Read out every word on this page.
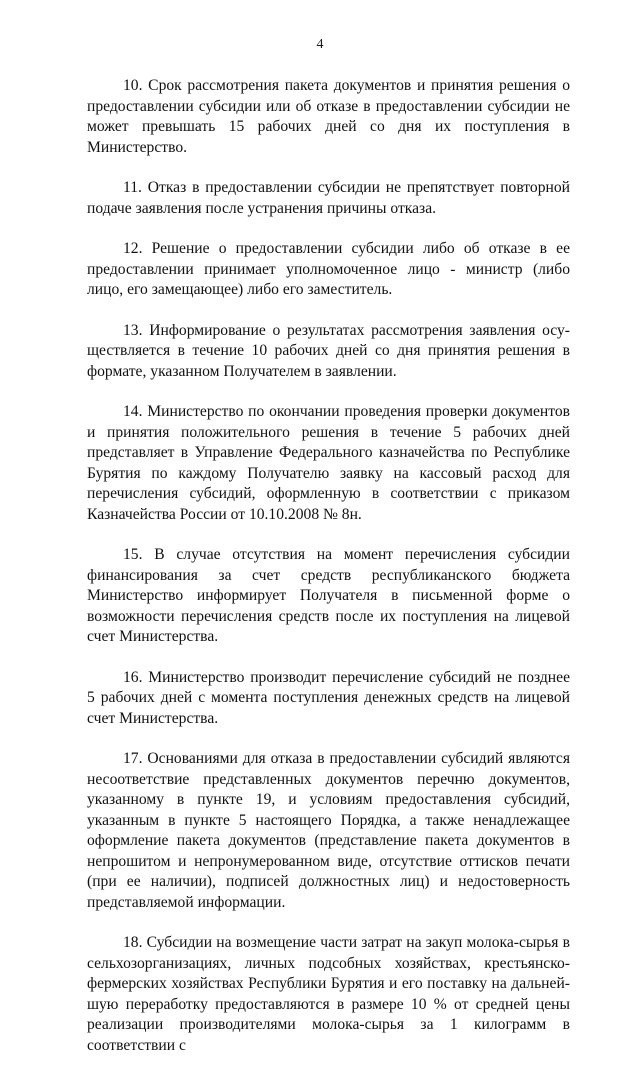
4

10. Срок рассмотрения пакета документов и принятия решения о предоставлении субсидии или об отказе в предоставлении субсидии не может превышать 15 рабочих дней со дня их поступления в Министерство.

11. Отказ в предоставлении субсидии не препятствует повторной подаче заявления после устранения причины отказа.

12. Решение о предоставлении субсидии либо об отказе в ее предоставлении принимает уполномоченное лицо - министр (либо лицо, его замещающее) либо его заместитель.

13. Информирование о результатах рассмотрения заявления осуществляется в течение 10 рабочих дней со дня принятия решения в формате, указанном Получателем в заявлении.

14. Министерство по окончании проведения проверки документов и принятия положительного решения в течение 5 рабочих дней представляет в Управление Федерального казначейства по Республике Бурятия по каждому Получателю заявку на кассовый расход для перечисления субсидий, оформленную в соответствии с приказом Казначейства России от 10.10.2008 № 8н.

15. В случае отсутствия на момент перечисления субсидии финансирования за счет средств республиканского бюджета Министерство информирует Получателя в письменной форме о возможности перечисления средств после их поступления на лицевой счет Министерства.

16. Министерство производит перечисление субсидий не позднее 5 рабочих дней с момента поступления денежных средств на лицевой счет Министерства.

17. Основаниями для отказа в предоставлении субсидий являются несоответствие представленных документов перечню документов, указанному в пункте 19, и условиям предоставления субсидий, указанным в пункте 5 настоящего Порядка, а также ненадлежащее оформление пакета документов (представление пакета документов в непрошитом и непронумерованном виде, отсутствие оттисков печати (при ее наличии), подписей должностных лиц) и недостоверность представляемой информации.

18. Субсидии на возмещение части затрат на закуп молока-сырья в сельхозорганизациях, личных подсобных хозяйствах, крестьянско-фермерских хозяйствах Республики Бурятия и его поставку на дальнейшую переработку предоставляются в размере 10 % от средней цены реализации производителями молока-сырья за 1 килограмм в соответствии с
